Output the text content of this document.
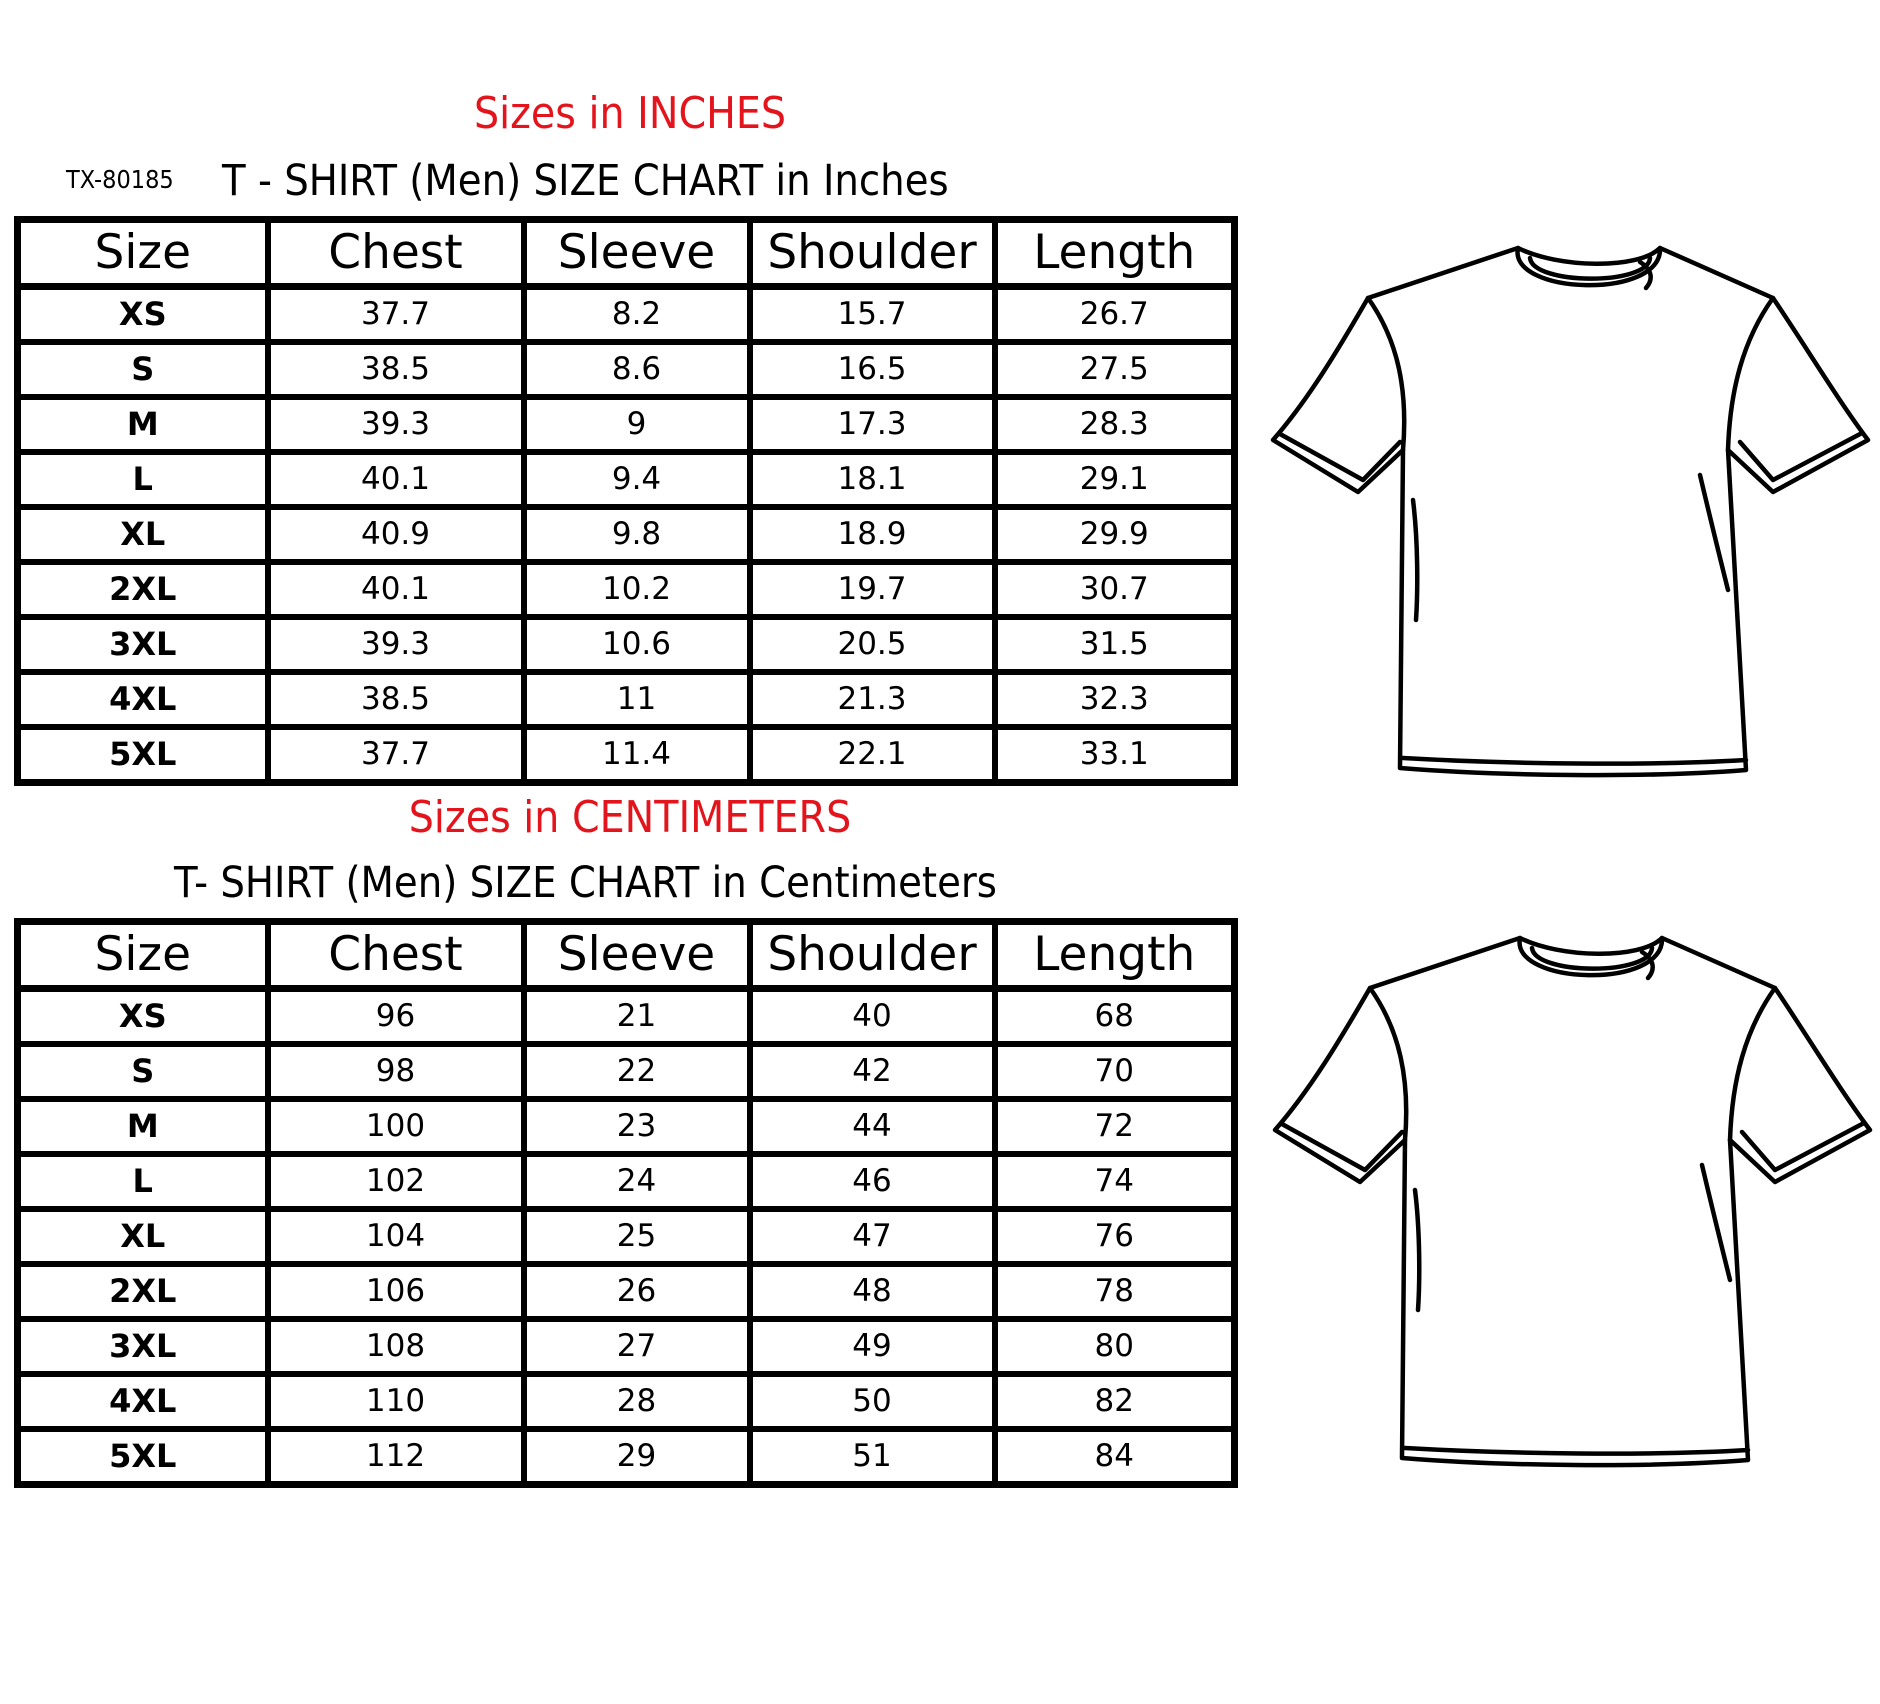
Sizes in INCHES
TX-80185 T - SHIRT (Men) SIZE CHART in Inches
Size	Chest	Sleeve	Shoulder	Length
XS	37.7	8.2	15.7	26.7
S	38.5	8.6	16.5	27.5
M	39.3	9	17.3	28.3
L	40.1	9.4	18.1	29.1
XL	40.9	9.8	18.9	29.9
2XL	40.1	10.2	19.7	30.7
3XL	39.3	10.6	20.5	31.5
4XL	38.5	11	21.3	32.3
5XL	37.7	11.4	22.1	33.1
Sizes in CENTIMETERS
T- SHIRT (Men) SIZE CHART in Centimeters
Size	Chest	Sleeve	Shoulder	Length
XS	96	21	40	68
S	98	22	42	70
M	100	23	44	72
L	102	24	46	74
XL	104	25	47	76
2XL	106	26	48	78
3XL	108	27	49	80
4XL	110	28	50	82
5XL	112	29	51	84
